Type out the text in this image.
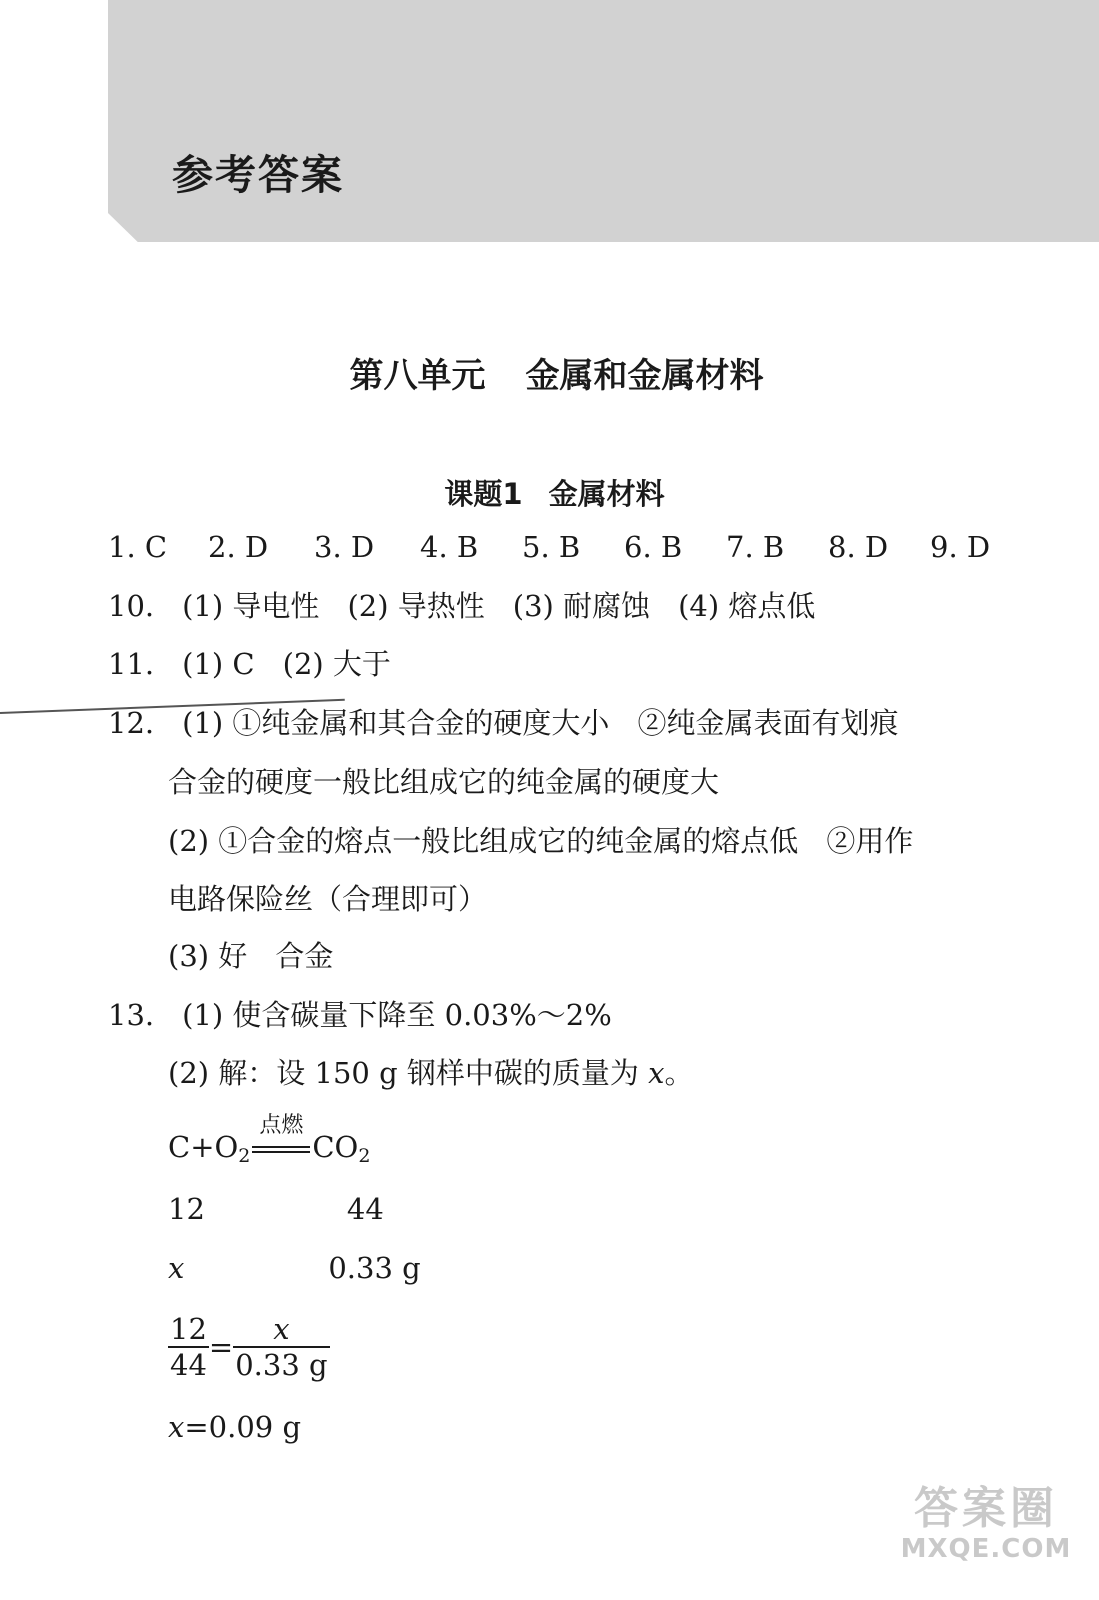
参考答案
第八单元 金属和金属材料
课题1 金属材料
1. C 2. D 3. D 4. B 5. B 6. B 7. B 8. D 9. D
10. (1) 导电性 (2) 导热性 (3) 耐腐蚀 (4) 熔点低
11. (1) C (2) 大于
12. (1) ①纯金属和其合金的硬度大小 ②纯金属表面有划痕
合金的硬度一般比组成它的纯金属的硬度大
(2) ①合金的熔点一般比组成它的纯金属的熔点低 ②用作
电路保险丝（合理即可）
(3) 好 合金
13. (1) 使含碳量下降至 0.03%～2%
(2) 解：设 150 g 钢样中碳的质量为 x。
$C+O_2$
点燃
$CO_2$
12	44
x	0.33 g
$\frac{12}{44} = \frac{x}{0.33 g}$
x=0.09 g
答案圈
MXQE.COM
